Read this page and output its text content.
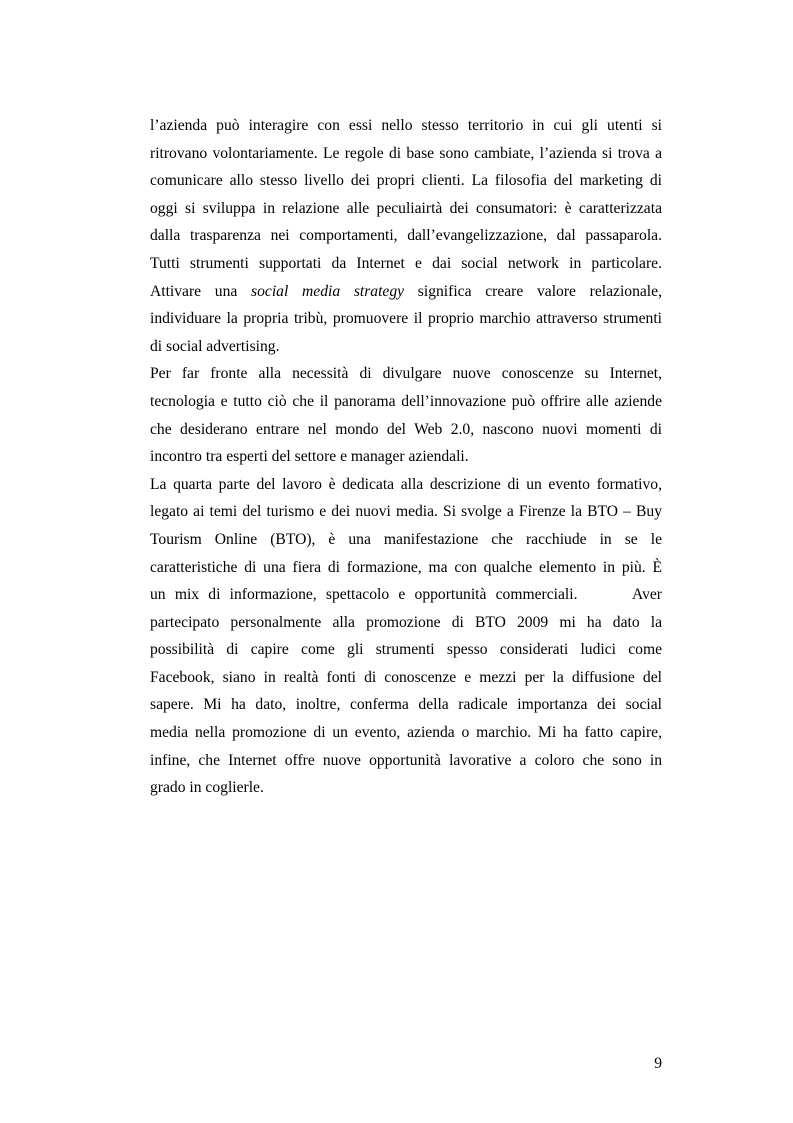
l’azienda può interagire con essi nello stesso territorio in cui gli utenti si
ritrovano volontariamente. Le regole di base sono cambiate, l’azienda si trova a
comunicare allo stesso livello dei propri clienti. La filosofia del marketing di
oggi si sviluppa in relazione alle peculiairtà dei consumatori: è caratterizzata
dalla trasparenza nei comportamenti, dall’evangelizzazione, dal passaparola.
Tutti strumenti supportati da Internet e dai social network in particolare.
Attivare una social media strategy significa creare valore relazionale,
individuare la propria tribù, promuovere il proprio marchio attraverso strumenti
di social advertising.

Per far fronte alla necessità di divulgare nuove conoscenze su Internet,
tecnologia e tutto ciò che il panorama dell’innovazione può offrire alle aziende
che desiderano entrare nel mondo del Web 2.0, nascono nuovi momenti di
incontro tra esperti del settore e manager aziendali.

La quarta parte del lavoro è dedicata alla descrizione di un evento formativo,
legato ai temi del turismo e dei nuovi media. Si svolge a Firenze la BTO – Buy
Tourism Online (BTO), è una manifestazione che racchiude in se le
caratteristiche di una fiera di formazione, ma con qualche elemento in più. È
un mix di informazione, spettacolo e opportunità commerciali.      Aver
partecipato personalmente alla promozione di BTO 2009 mi ha dato la
possibilità di capire come gli strumenti spesso considerati ludici come
Facebook, siano in realtà fonti di conoscenze e mezzi per la diffusione del
sapere. Mi ha dato, inoltre, conferma della radicale importanza dei social
media nella promozione di un evento, azienda o marchio. Mi ha fatto capire,
infine, che Internet offre nuove opportunità lavorative a coloro che sono in
grado in coglierle.

9
